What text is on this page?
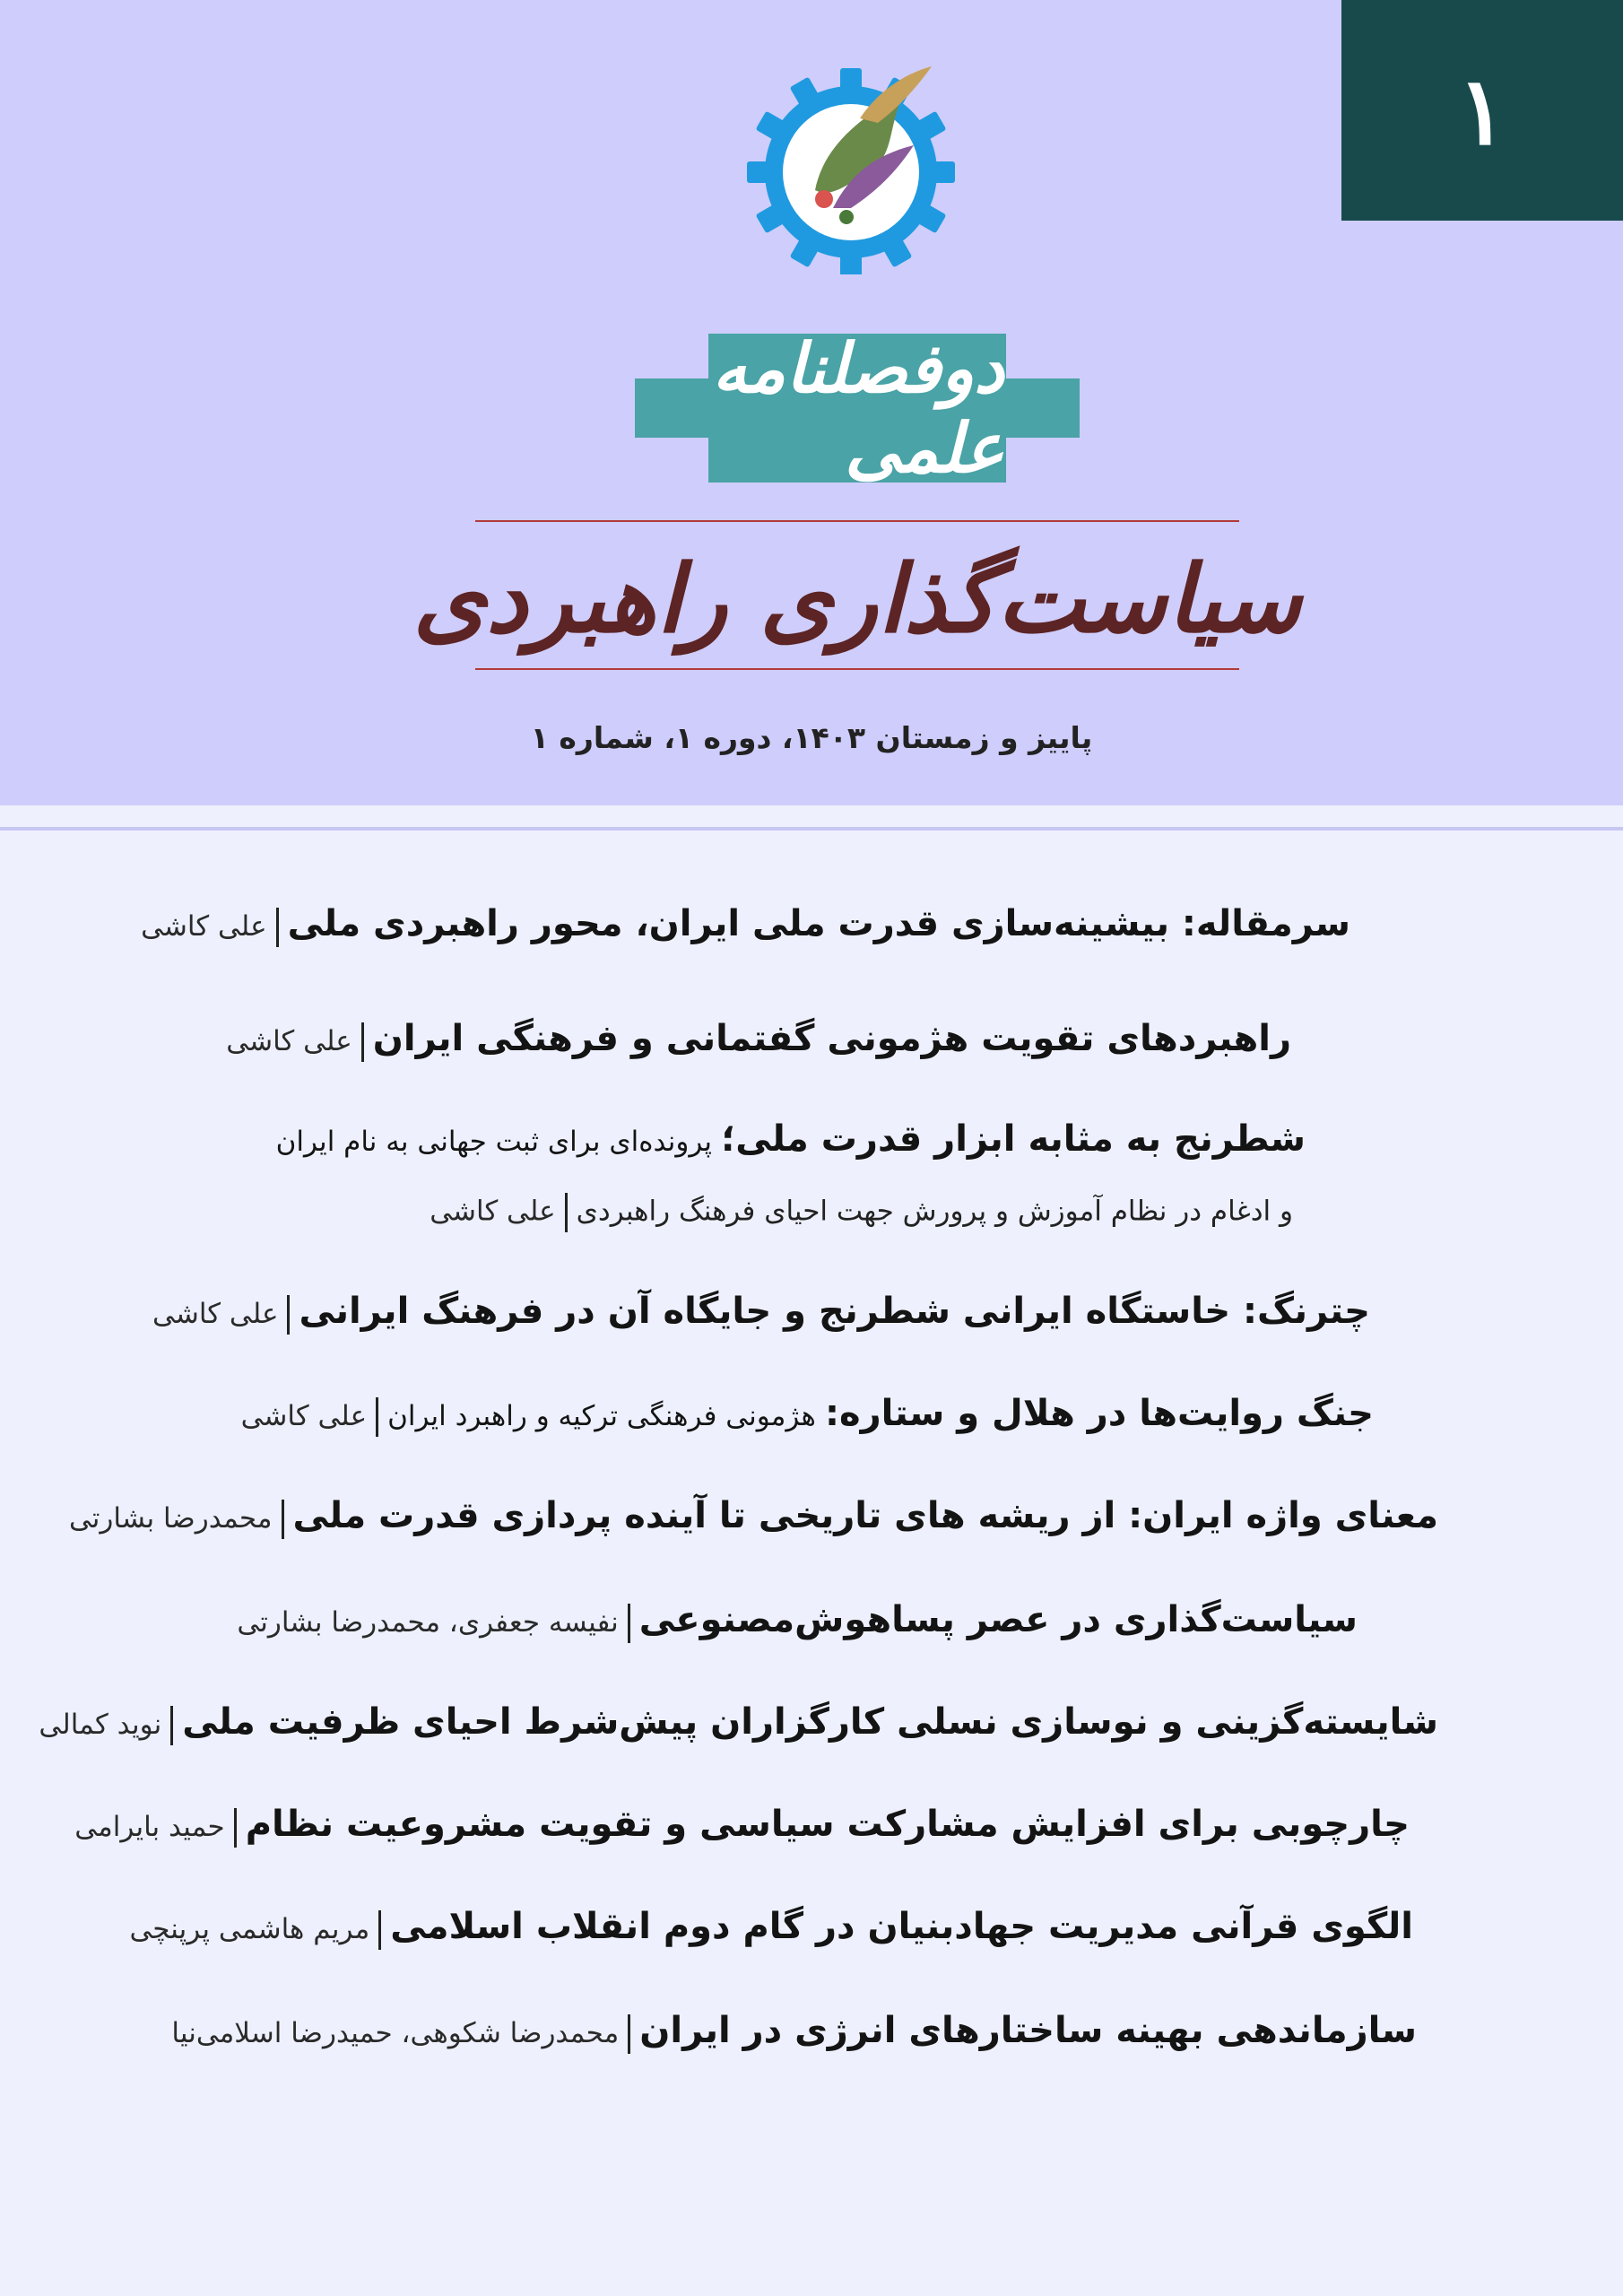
۱
دوفصلنامه علمی
سیاست‌گذاری راهبردی
پاییز و زمستان ۱۴۰۳، دوره ۱، شماره ۱
سرمقاله: بیشینه‌سازی قدرت ملی ایران، محور راهبردی ملیعلی کاشی
راهبردهای تقویت هژمونی گفتمانی و فرهنگی ایرانعلی کاشی
شطرنج به مثابه ابزار قدرت ملی؛ پرونده‌ای برای ثبت جهانی به نام ایران
و ادغام در نظام آموزش و پرورش جهت احیای فرهنگ راهبردیعلی کاشی
چترنگ: خاستگاه ایرانی شطرنج و جایگاه آن در فرهنگ ایرانیعلی کاشی
جنگ روایت‌ها در هلال و ستاره: هژمونی فرهنگی ترکیه و راهبرد ایرانعلی کاشی
معنای واژه ایران: از ریشه های تاریخی تا آینده پردازی قدرت ملیمحمدرضا بشارتی
سیاست‌گذاری در عصر پساهوش‌مصنوعینفیسه جعفری، محمدرضا بشارتی
شایسته‌گزینی و نوسازی نسلی کارگزاران پیش‌شرط احیای ظرفیت ملینوید کمالی
چارچوبی برای افزایش مشارکت سیاسی و تقویت مشروعیت نظامحمید بایرامی
الگوی قرآنی مدیریت جهادبنیان در گام دوم انقلاب اسلامیمریم هاشمی پرپنچی
سازماندهی بهینه ساختارهای انرژی در ایرانمحمدرضا شکوهی، حمیدرضا اسلامی‌نیا
